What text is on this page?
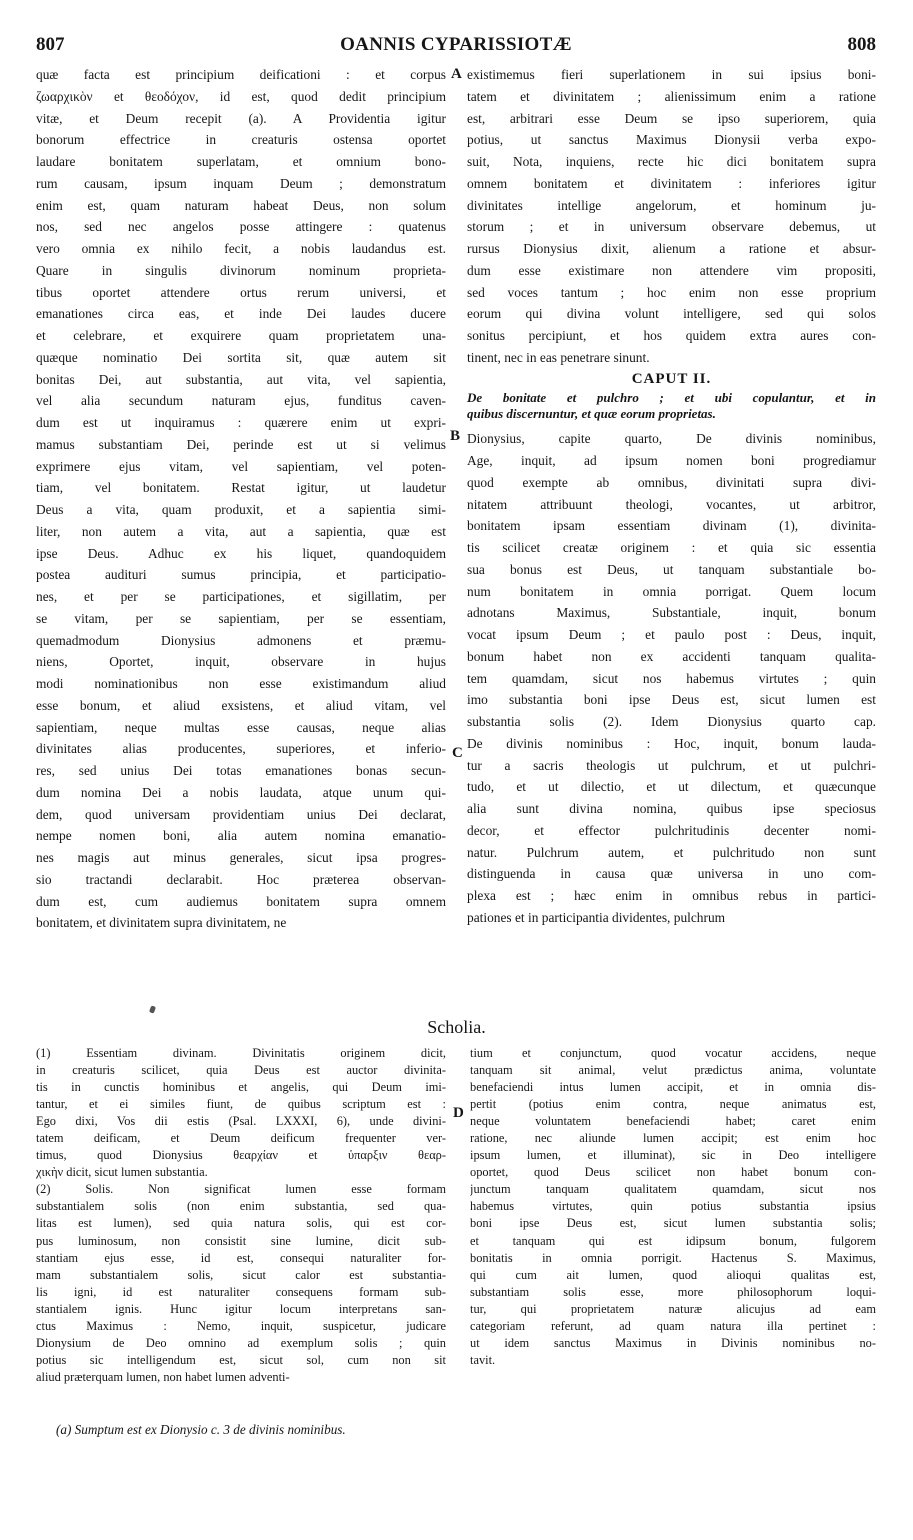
807	OANNIS CYPARISSIOTÆ	808
quæ facta est principium deificationi : et corpus
ζωαρχικὸν et θεοδόχον, id est, quod dedit principium
vitæ, et Deum recepit (a). A Providentia igitur
bonorum effectrice in creaturis ostensa oportet
laudare bonitatem superlatam, et omnium bono-
rum causam, ipsum inquam Deum ; demonstratum
enim est, quam naturam habeat Deus, non solum
nos, sed nec angelos posse attingere : quatenus
vero omnia ex nihilo fecit, a nobis laudandus est.
Quare in singulis divinorum nominum proprieta-
tibus oportet attendere ortus rerum universi, et
emanationes circa eas, et inde Dei laudes ducere
et celebrare, et exquirere quam proprietatem una-
quæque nominatio Dei sortita sit, quæ autem sit
bonitas Dei, aut substantia, aut vita, vel sapientia,
vel alia secundum naturam ejus, funditus caven-
dum est ut inquiramus : quærere enim ut expri-
mamus substantiam Dei, perinde est ut si velimus
exprimere ejus vitam, vel sapientiam, vel poten-
tiam, vel bonitatem. Restat igitur, ut laudetur
Deus a vita, quam produxit, et a sapientia simi-
liter, non autem a vita, aut a sapientia, quæ est
ipse Deus. Adhuc ex his liquet, quandoquidem
postea audituri sumus principia, et participatio-
nes, et per se participationes, et sigillatim, per
se vitam, per se sapientiam, per se essentiam,
quemadmodum Dionysius admonens et præmu-
niens, Oportet, inquit, observare in hujus
modi nominationibus non esse existimandum aliud
esse bonum, et aliud exsistens, et aliud vitam, vel
sapientiam, neque multas esse causas, neque alias
divinitates alias producentes, superiores, et inferio-
res, sed unius Dei totas emanationes bonas secun-
dum nomina Dei a nobis laudata, atque unum qui-
dem, quod universam providentiam unius Dei declarat,
nempe nomen boni, alia autem nomina emanatio-
nes magis aut minus generales, sicut ipsa progres-
sio tractandi declarabit. Hoc præterea observan-
dum est, cum audiemus bonitatem supra omnem
bonitatem, et divinitatem supra divinitatem, ne
existimemus fieri superlationem in sui ipsius boni-
tatem et divinitatem ; alienissimum enim a ratione
est, arbitrari esse Deum se ipso superiorem, quia
potius, ut sanctus Maximus Dionysii verba expo-
suit, Nota, inquiens, recte hic dici bonitatem supra
omnem bonitatem et divinitatem : inferiores igitur
divinitates intellige angelorum, et hominum ju-
storum ; et in universum observare debemus, ut
rursus Dionysius dixit, alienum a ratione et absur-
dum esse existimare non attendere vim propositi,
sed voces tantum ; hoc enim non esse proprium
eorum qui divina volunt intelligere, sed qui solos
sonitus percipiunt, et hos quidem extra aures con-
tinent, nec in eas penetrare sinunt.
CAPUT II.
De bonitate et pulchro ; et ubi copulantur, et in
quibus discernuntur, et quæ eorum proprietas.
Dionysius, capite quarto, De divinis nominibus,
Age, inquit, ad ipsum nomen boni progrediamur
quod exempte ab omnibus, divinitati supra divi-
nitatem attribuunt theologi, vocantes, ut arbitror,
bonitatem ipsam essentiam divinam (1), divinita-
tis scilicet creatæ originem : et quia sic essentia
sua bonus est Deus, ut tanquam substantiale bo-
num bonitatem in omnia porrigat. Quem locum
adnotans Maximus, Substantiale, inquit, bonum
vocat ipsum Deum ; et paulo post : Deus, inquit,
bonum habet non ex accidenti tanquam qualita-
tem quamdam, sicut nos habemus virtutes ; quin
imo substantia boni ipse Deus est, sicut lumen est
substantia solis (2). Idem Dionysius quarto cap.
De divinis nominibus : Hoc, inquit, bonum lauda-
tur a sacris theologis ut pulchrum, et ut pulchri-
tudo, et ut dilectio, et ut dilectum, et quæcunque
alia sunt divina nomina, quibus ipse speciosus
decor, et effector pulchritudinis decenter nomi-
natur. Pulchrum autem, et pulchritudo non sunt
distinguenda in causa quæ universa in uno com-
plexa est ; hæc enim in omnibus rebus in partici-
pationes et in participantia dividentes, pulchrum
A
B
C
D
Scholia.
(1) Essentiam divinam. Divinitatis originem dicit,
in creaturis scilicet, quia Deus est auctor divinita-
tis in cunctis hominibus et angelis, qui Deum imi-
tantur, et ei similes fiunt, de quibus scriptum est :
Ego dixi, Vos dii estis (Psal. LXXXI, 6), unde divini-
tatem deificam, et Deum deificum frequenter ver-
timus, quod Dionysius θεαρχίαν et ὑπαρξιν θεαρ-
χικὴν dicit, sicut lumen substantia.
(2) Solis. Non significat lumen esse formam
substantialem solis (non enim substantia, sed qua-
litas est lumen), sed quia natura solis, qui est cor-
pus luminosum, non consistit sine lumine, dicit sub-
stantiam ejus esse, id est, consequi naturaliter for-
mam substantialem solis, sicut calor est substantia-
lis igni, id est naturaliter consequens formam sub-
stantialem ignis. Hunc igitur locum interpretans san-
ctus Maximus : Nemo, inquit, suspicetur, judicare
Dionysium de Deo omnino ad exemplum solis ; quin
potius sic intelligendum est, sicut sol, cum non sit
aliud præterquam lumen, non habet lumen adventi-
tium et conjunctum, quod vocatur accidens, neque
tanquam sit animal, velut prædictus anima, voluntate
benefaciendi intus lumen accipit, et in omnia dis-
pertit (potius enim contra, neque animatus est,
neque voluntatem benefaciendi habet; caret enim
ratione, nec aliunde lumen accipit; est enim hoc
ipsum lumen, et illuminat), sic in Deo intelligere
oportet, quod Deus scilicet non habet bonum con-
junctum tanquam qualitatem quamdam, sicut nos
habemus virtutes, quin potius substantia ipsius
boni ipse Deus est, sicut lumen substantia solis;
et tanquam qui est idipsum bonum, fulgorem
bonitatis in omnia porrigit. Hactenus S. Maximus,
qui cum ait lumen, quod alioqui qualitas est,
substantiam solis esse, more philosophorum loqui-
tur, qui proprietatem naturæ alicujus ad eam
categoriam referunt, ad quam natura illa pertinet :
ut idem sanctus Maximus in Divinis nominibus no-
tavit.
(a) Sumptum est ex Dionysio c. 3 de divinis nominibus.
